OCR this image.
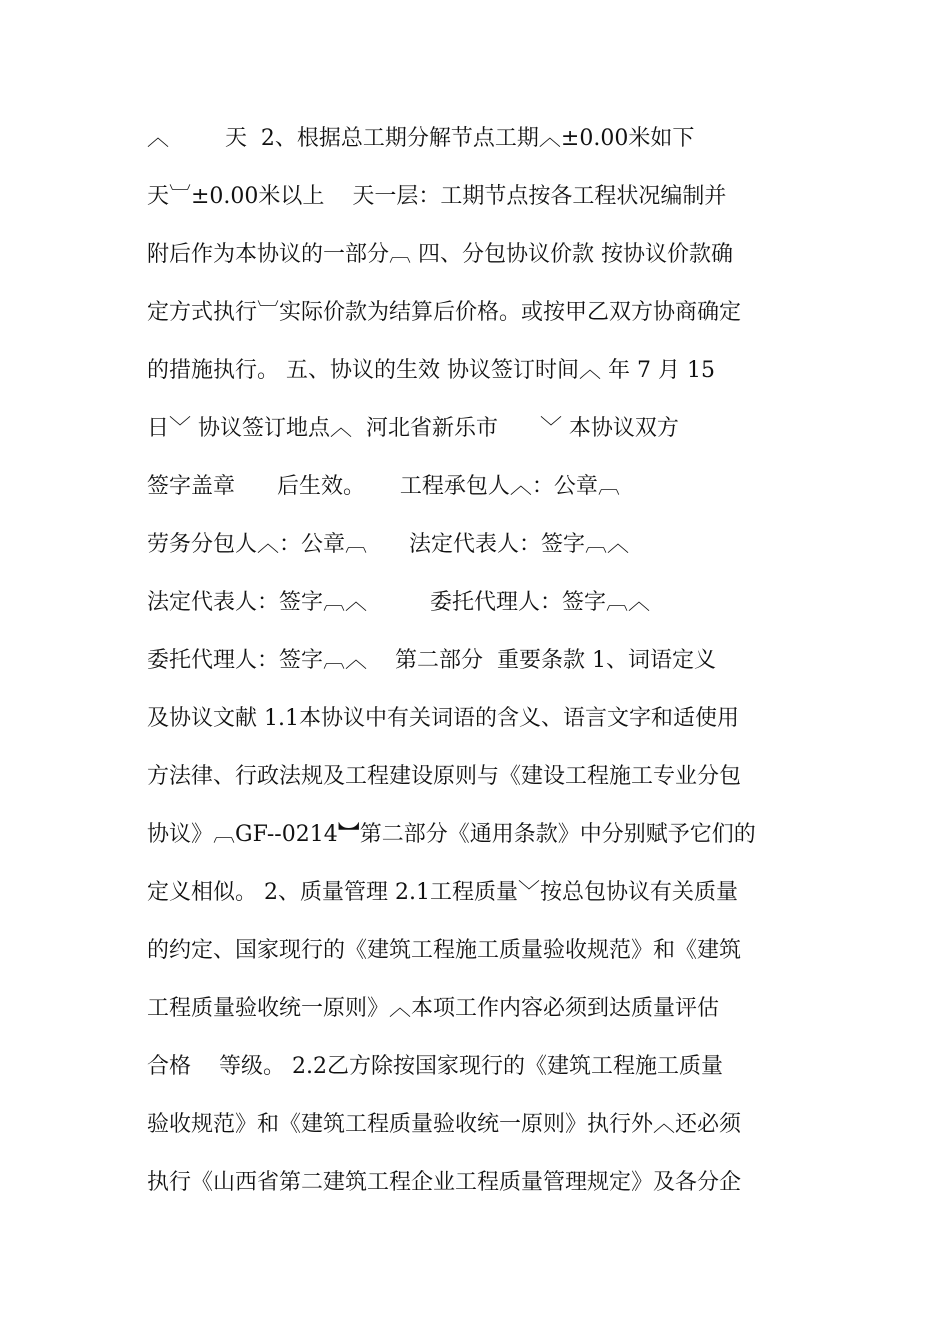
︿        天  2、根据总工期分解节点工期︿±0.00米如下
天︺±0.00米以上    天一层：工期节点按各工程状况编制并
附后作为本协议的一部分︹ 四、分包协议价款 按协议价款确
定方式执行︺实际价款为结算后价格。或按甲乙双方协商确定
的措施执行。 五、协议的生效 协议签订时间︿ 年 7 月 15
日﹀ 协议签订地点︿  河北省新乐市      ﹀ 本协议双方
签字盖章      后生效。     工程承包人︿：公章︹
劳务分包人︿：公章︹      法定代表人：签字︹︿
法定代表人：签字︹︿         委托代理人：签字︹︿
委托代理人：签字︹︿    第二部分  重要条款 1、词语定义
及协议文献 1.1本协议中有关词语的含义、语言文字和适使用
方法律、行政法规及工程建设原则与《建设工程施工专业分包
协议》︹GF--0214︼第二部分《通用条款》中分别赋予它们的
定义相似。 2、质量管理 2.1工程质量﹀按总包协议有关质量
的约定、国家现行的《建筑工程施工质量验收规范》和《建筑
工程质量验收统一原则》︿本项工作内容必须到达质量评估
合格    等级。 2.2乙方除按国家现行的《建筑工程施工质量
验收规范》和《建筑工程质量验收统一原则》执行外︿还必须
执行《山西省第二建筑工程企业工程质量管理规定》及各分企
